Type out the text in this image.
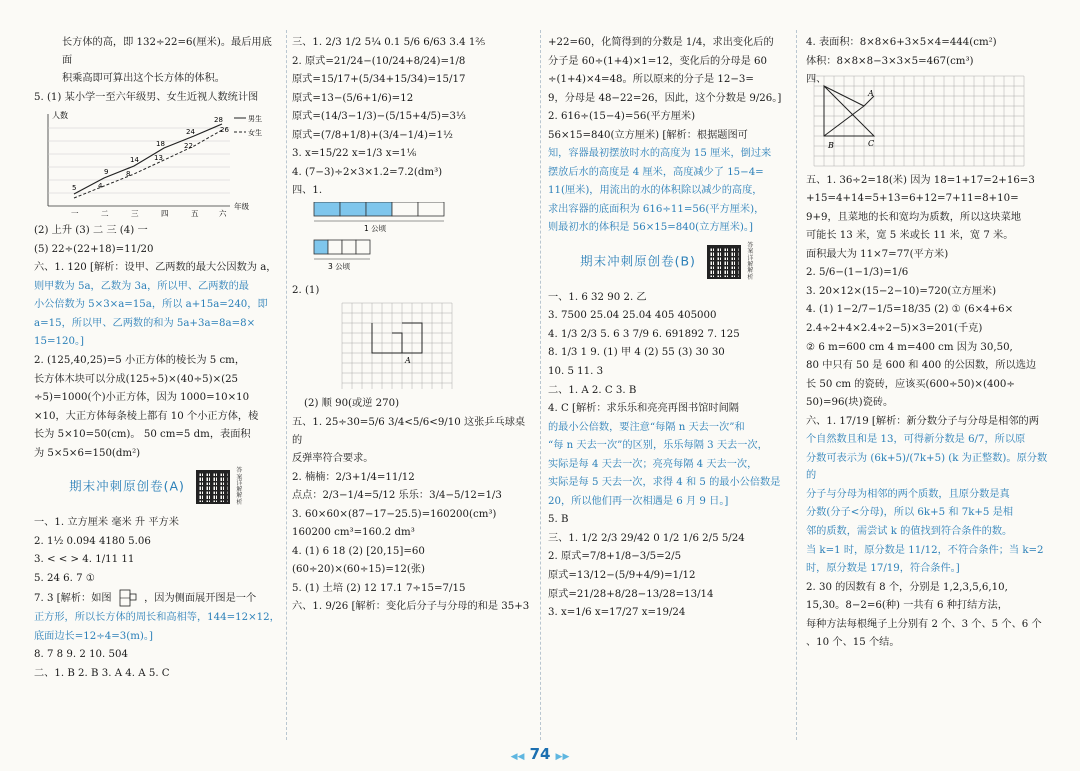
长方体的高，即 132÷22=6(厘米)。最后用底面

积乘高即可算出这个长方体的体积。

5. (1) 某小学一至六年级男、女生近视人数统计图

人数	28
26
24
22
18
14 13
9	8
5	4
男生
女生
一	二	三	四	五	六
年级

(2) 上升 (3) 二 三 (4) 一

(5) 22÷(22+18)=11/20

六、1. 120 [解析：设甲、乙两数的最大公因数为 a，

则甲数为 5a，乙数为 3a，所以甲、乙两数的最

小公倍数为 5×3×a=15a，所以 a+15a=240，即

a=15，所以甲、乙两数的和为 5a+3a=8a=8×

15=120。]

2. (125,40,25)=5 小正方体的棱长为 5 cm，

长方体木块可以分成(125÷5)×(40÷5)×(25

÷5)=1000(个)小正方体，因为 1000=10×10

×10，大正方体每条棱上都有 10 个小正方体，棱

长为 5×10=50(cm)。 50 cm=5 dm，表面积

为 5×5×6=150(dm²)

期末冲刺原创卷(A)  答案详解解析

一、1. 立方厘米 毫米 升 平方米

2. 1½ 0.094 4180 5.06

3. < < > 4. 1/11 11

5. 24 6. 7 ①

7. 3 [解析：如图	，因为侧面展开图是一个

正方形，所以长方体的周长和高相等，144=12×12，

底面边长=12÷4=3(m)。]

8. 7 8 9. 2 10. 504

二、1. B 2. B 3. A 4. A 5. C

三、1. 2/3 1/2 5¼ 0.1 5/6 6/63 3.4 1⅖

2. 原式=21/24−(10/24+8/24)=1/8

原式=15/17+(5/34+15/34)=15/17

原式=13−(5/6+1/6)=12

原式=(14/3−1/3)−(5/15+4/5)=3⅓

原式=(7/8+1/8)+(3/4−1/4)=1½

3. x=15/22 x=1/3 x=1⅙

4. (7−3)÷2×3×1.2=7.2(dm³)

四、1.

1 公顷
3 公顷

2. (1)

A

(2) 顺 90(或逆 270)

五、1. 25÷30=5/6 3/4<5/6<9/10 这张乒乓球桌的

反弹率符合要求。

2. 楠楠：2/3+1/4=11/12

点点：2/3−1/4=5/12 乐乐：3/4−5/12=1/3

3. 60×60×(87−17−25.5)=160200(cm³)

160200 cm³=160.2 dm³

4. (1) 6 18 (2) [20,15]=60

(60÷20)×(60÷15)=12(张)

5. (1) 土培 (2) 12 17.1 7÷15=7/15

六、1. 9/26 [解析：变化后分子与分母的和是 35+3

+22=60，化简得到的分数是 1/4，求出变化后的

分子是 60÷(1+4)×1=12，变化后的分母是 60

÷(1+4)×4=48。所以原来的分子是 12−3=

9，分母是 48−22=26，因此，这个分数是 9/26。]

2. 616÷(15−4)=56(平方厘米)

56×15=840(立方厘米) [解析：根据题图可

知，容器最初摆放时水的高度为 15 厘米，倒过来

摆放后水的高度是 4 厘米，高度减少了 15−4=

11(厘米)，用流出的水的体积除以减少的高度，

求出容器的底面积为 616÷11=56(平方厘米)，

则最初水的体积是 56×15=840(立方厘米)。]

期末冲刺原创卷(B)  答案详解解析

一、1. 6 32 90 2. 乙

3. 7500 25.04 25.04 405 405000

4. 1/3 2/3 5. 6 3 7/9 6. 691892 7. 125

8. 1/3 1 9. (1) 甲 4 (2) 55 (3) 30 30

10. 5 11. 3

二、1. A 2. C 3. B

4. C [解析：求乐乐和亮亮再图书馆时间隔

的最小公倍数，要注意“每隔 n 天去一次”和

“每 n 天去一次”的区别，乐乐每隔 3 天去一次，

实际是每 4 天去一次；亮亮每隔 4 天去一次，

实际是每 5 天去一次，求得 4 和 5 的最小公倍数是

20，所以他们再一次相遇是 6 月 9 日。]

5. B

三、1. 1/2 2/3 29/42 0 1/2 1/6 2/5 5/24

2. 原式=7/8+1/8−3/5=2/5

原式=13/12−(5/9+4/9)=1/12

原式=21/28+8/28−13/28=13/14

3. x=1/6 x=17/27 x=19/24

4. 表面积：8×8×6+3×5×4=444(cm²)

体积：8×8×8−3×3×5=467(cm³)

四、

A
B	C

五、1. 36÷2=18(米) 因为 18=1+17=2+16=3

+15=4+14=5+13=6+12=7+11=8+10=

9+9，且菜地的长和宽均为质数，所以这块菜地

可能长 13 米，宽 5 米或长 11 米，宽 7 米。

面积最大为 11×7=77(平方米)

2. 5/6−(1−1/3)=1/6

3. 20×12×(15−2−10)=720(立方厘米)

4. (1) 1−2/7−1/5=18/35 (2) ① (6×4+6×

2.4÷2+4×2.4÷2−5)×3=201(千克)

② 6 m=600 cm 4 m=400 cm 因为 30,50,

80 中只有 50 是 600 和 400 的公因数，所以选边

长 50 cm 的瓷砖，应该买(600÷50)×(400÷

50)=96(块)瓷砖。

六、1. 17/19 [解析：新分数分子与分母是相邻的两

个自然数且和是 13，可得新分数是 6/7，所以原

分数可表示为 (6k+5)/(7k+5) (k 为正整数)。原分数的

分子与分母为相邻的两个质数，且原分数是真

分数(分子<分母)，所以 6k+5 和 7k+5 是相

邻的质数，需尝试 k 的值找到符合条件的数。

当 k=1 时，原分数是 11/12，不符合条件；当 k=2

时，原分数是 17/19，符合条件。]

2. 30 的因数有 8 个，分别是 1,2,3,5,6,10,

15,30。8−2=6(种) 一共有 6 种打结方法，

每种方法每根绳子上分别有 2 个、3 个、5 个、6 个

、10 个、15 个结。

◀◀ 74 ▶▶
